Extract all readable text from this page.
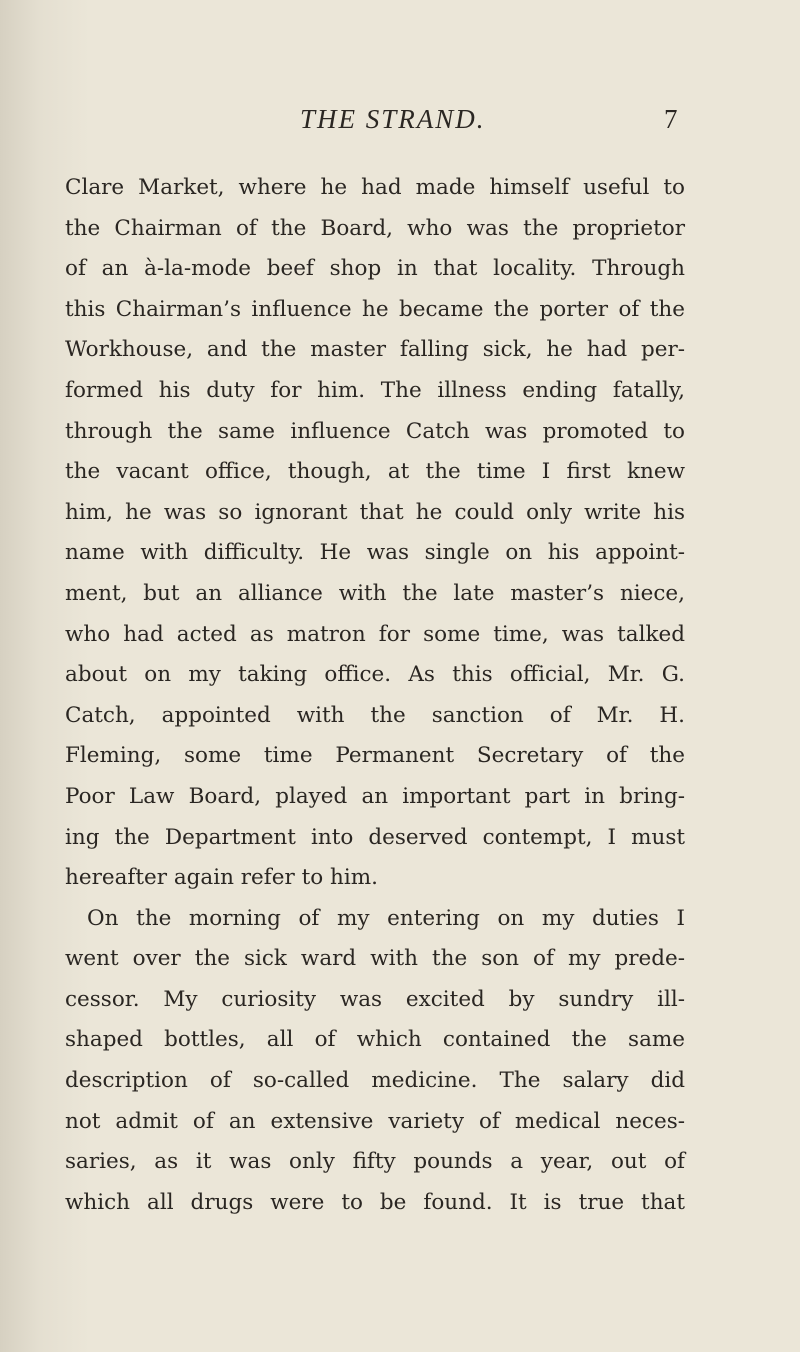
THE STRAND.	7
Clare Market, where he had made himself useful to
the Chairman of the Board, who was the proprietor
of an à-la-mode beef shop in that locality. Through
this Chairman’s influence he became the porter of the
Workhouse, and the master falling sick, he had per-
formed his duty for him. The illness ending fatally,
through the same influence Catch was promoted to
the vacant office, though, at the time I first knew
him, he was so ignorant that he could only write his
name with difficulty. He was single on his appoint-
ment, but an alliance with the late master’s niece,
who had acted as matron for some time, was talked
about on my taking office. As this official, Mr. G.
Catch, appointed with the sanction of Mr. H.
Fleming, some time Permanent Secretary of the
Poor Law Board, played an important part in bring-
ing the Department into deserved contempt, I must
hereafter again refer to him.
On the morning of my entering on my duties I
went over the sick ward with the son of my prede-
cessor. My curiosity was excited by sundry ill-
shaped bottles, all of which contained the same
description of so-called medicine. The salary did
not admit of an extensive variety of medical neces-
saries, as it was only fifty pounds a year, out of
which all drugs were to be found. It is true that
